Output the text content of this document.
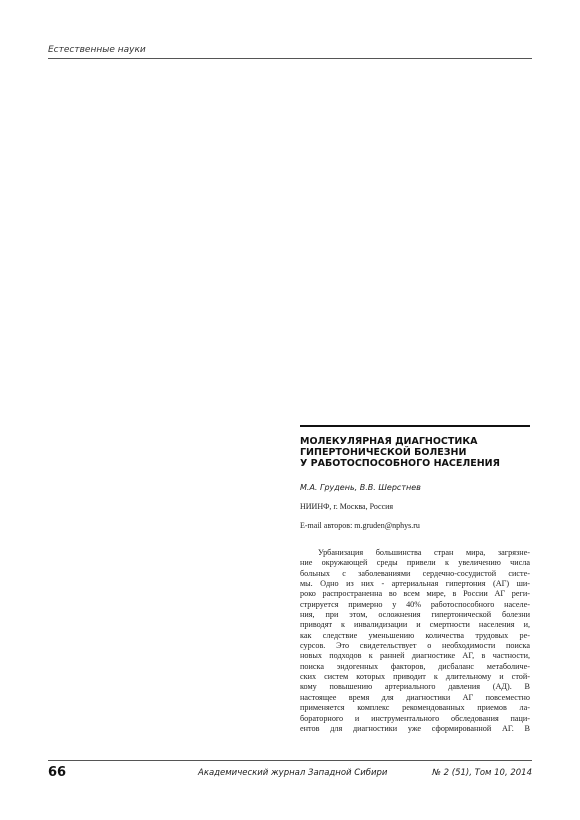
Естественные науки
МОЛЕКУЛЯРНАЯ ДИАГНОСТИКА
ГИПЕРТОНИЧЕСКОЙ БОЛЕЗНИ
У РАБОТОСПОСОБНОГО НАСЕЛЕНИЯ
М.А. Грудень, В.В. Шерстнев
НИИНФ, г. Москва, Россия
E-mail авторов: m.gruden@nphys.ru
Урбанизация большинства стран мира, загрязне-
ние окружающей среды привели к увеличению числа
больных с заболеваниями сердечно-сосудистой систе-
мы. Одно из них - артериальная гипертония (АГ) ши-
роко распространенна во всем мире, в России АГ реги-
стрируется примерно у 40% работоспособного населе-
ния, при этом, осложнения гипертонической болезни
приводят к инвалидизации и смертности населения и,
как следствие уменьшению количества трудовых ре-
сурсов. Это свидетельствует о необходимости поиска
новых подходов к ранней диагностике АГ, в частности,
поиска эндогенных факторов, дисбаланс метаболиче-
ских систем которых приводит к длительному и стой-
кому повышению артериального давления (АД). В
настоящее время для диагностики АГ повсеместно
применяется комплекс рекомендованных приемов ла-
бораторного и инструментального обследования паци-
ентов для диагностики уже сформированной АГ. В
66	Академический журнал Западной Сибири	№ 2 (51), Том 10, 2014
